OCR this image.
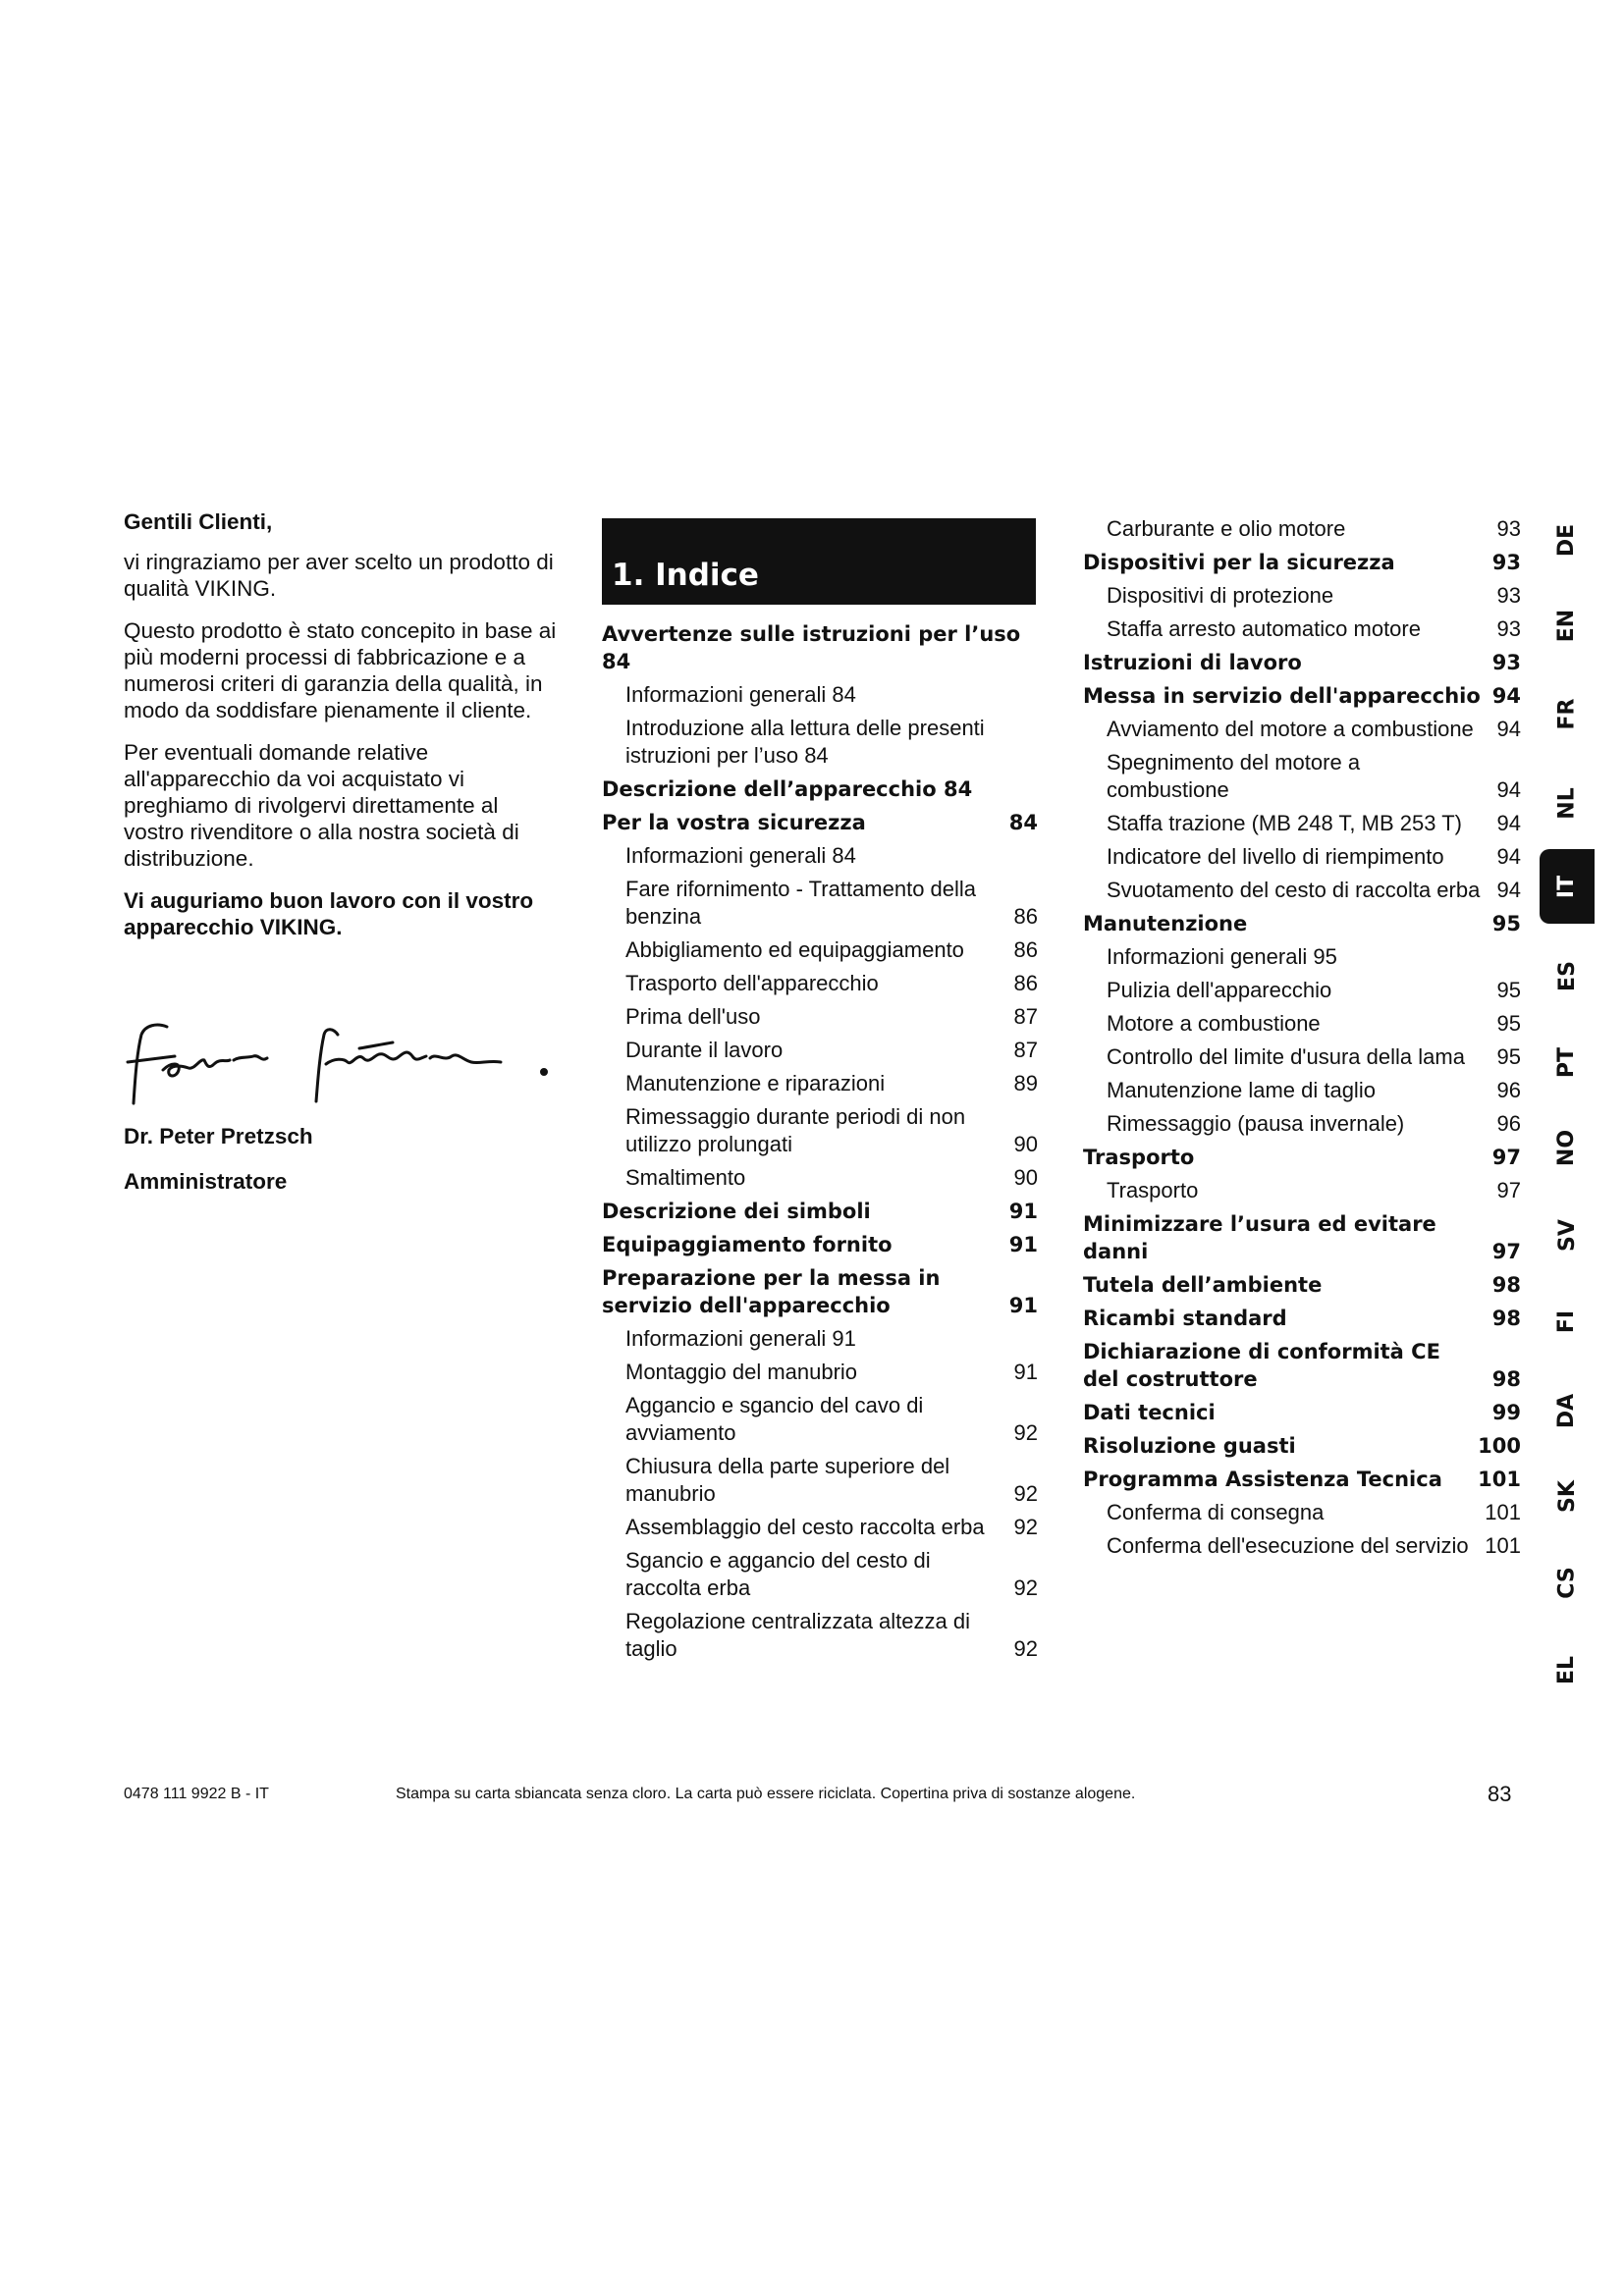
Gentili Clienti,

vi ringraziamo per aver scelto un prodotto di qualità VIKING.

Questo prodotto è stato concepito in base ai più moderni processi di fabbricazione e a numerosi criteri di garanzia della qualità, in modo da soddisfare pienamente il cliente.

Per eventuali domande relative all'apparecchio da voi acquistato vi preghiamo di rivolgervi direttamente al vostro rivenditore o alla nostra società di distribuzione.

Vi auguriamo buon lavoro con il vostro apparecchio VIKING.

Dr. Peter Pretzsch
Amministratore
1. Indice
Avvertenze sulle istruzioni per l’uso 84
Informazioni generali 84
Introduzione alla lettura delle presenti istruzioni per l’uso 84
Descrizione dell’apparecchio 84
Per la vostra sicurezza	84
Informazioni generali 84
Fare rifornimento - Trattamento della benzina	86
Abbigliamento ed equipaggiamento	86
Trasporto dell'apparecchio	86
Prima dell'uso	87
Durante il lavoro	87
Manutenzione e riparazioni	89
Rimessaggio durante periodi di non utilizzo prolungati	90
Smaltimento	90
Descrizione dei simboli	91
Equipaggiamento fornito	91
Preparazione per la messa in servizio dell'apparecchio	91
Informazioni generali 91
Montaggio del manubrio	91
Aggancio e sgancio del cavo di avviamento	92
Chiusura della parte superiore del manubrio	92
Assemblaggio del cesto raccolta erba	92
Sgancio e aggancio del cesto di raccolta erba	92
Regolazione centralizzata altezza di taglio	92
Carburante e olio motore	93
Dispositivi per la sicurezza	93
Dispositivi di protezione	93
Staffa arresto automatico motore	93
Istruzioni di lavoro	93
Messa in servizio dell'apparecchio 94
Avviamento del motore a combustione	94
Spegnimento del motore a combustione	94
Staffa trazione (MB 248 T, MB 253 T)	94
Indicatore del livello di riempimento	94
Svuotamento del cesto di raccolta erba 94
Manutenzione	95
Informazioni generali 95
Pulizia dell'apparecchio	95
Motore a combustione	95
Controllo del limite d'usura della lama	95
Manutenzione lame di taglio	96
Rimessaggio (pausa invernale)	96
Trasporto	97
Trasporto	97
Minimizzare l’usura ed evitare danni	97
Tutela dell’ambiente	98
Ricambi standard	98
Dichiarazione di conformità CE del costruttore	98
Dati tecnici	99
Risoluzione guasti	100
Programma Assistenza Tecnica	101
Conferma di consegna	101
Conferma dell'esecuzione del servizio 101
DE
EN
FR
NL
IT
ES
PT
NO
SV
FI
DA
SK
CS
EL
0478 111 9922 B - IT	Stampa su carta sbiancata senza cloro. La carta può essere riciclata. Copertina priva di sostanze alogene.	83
